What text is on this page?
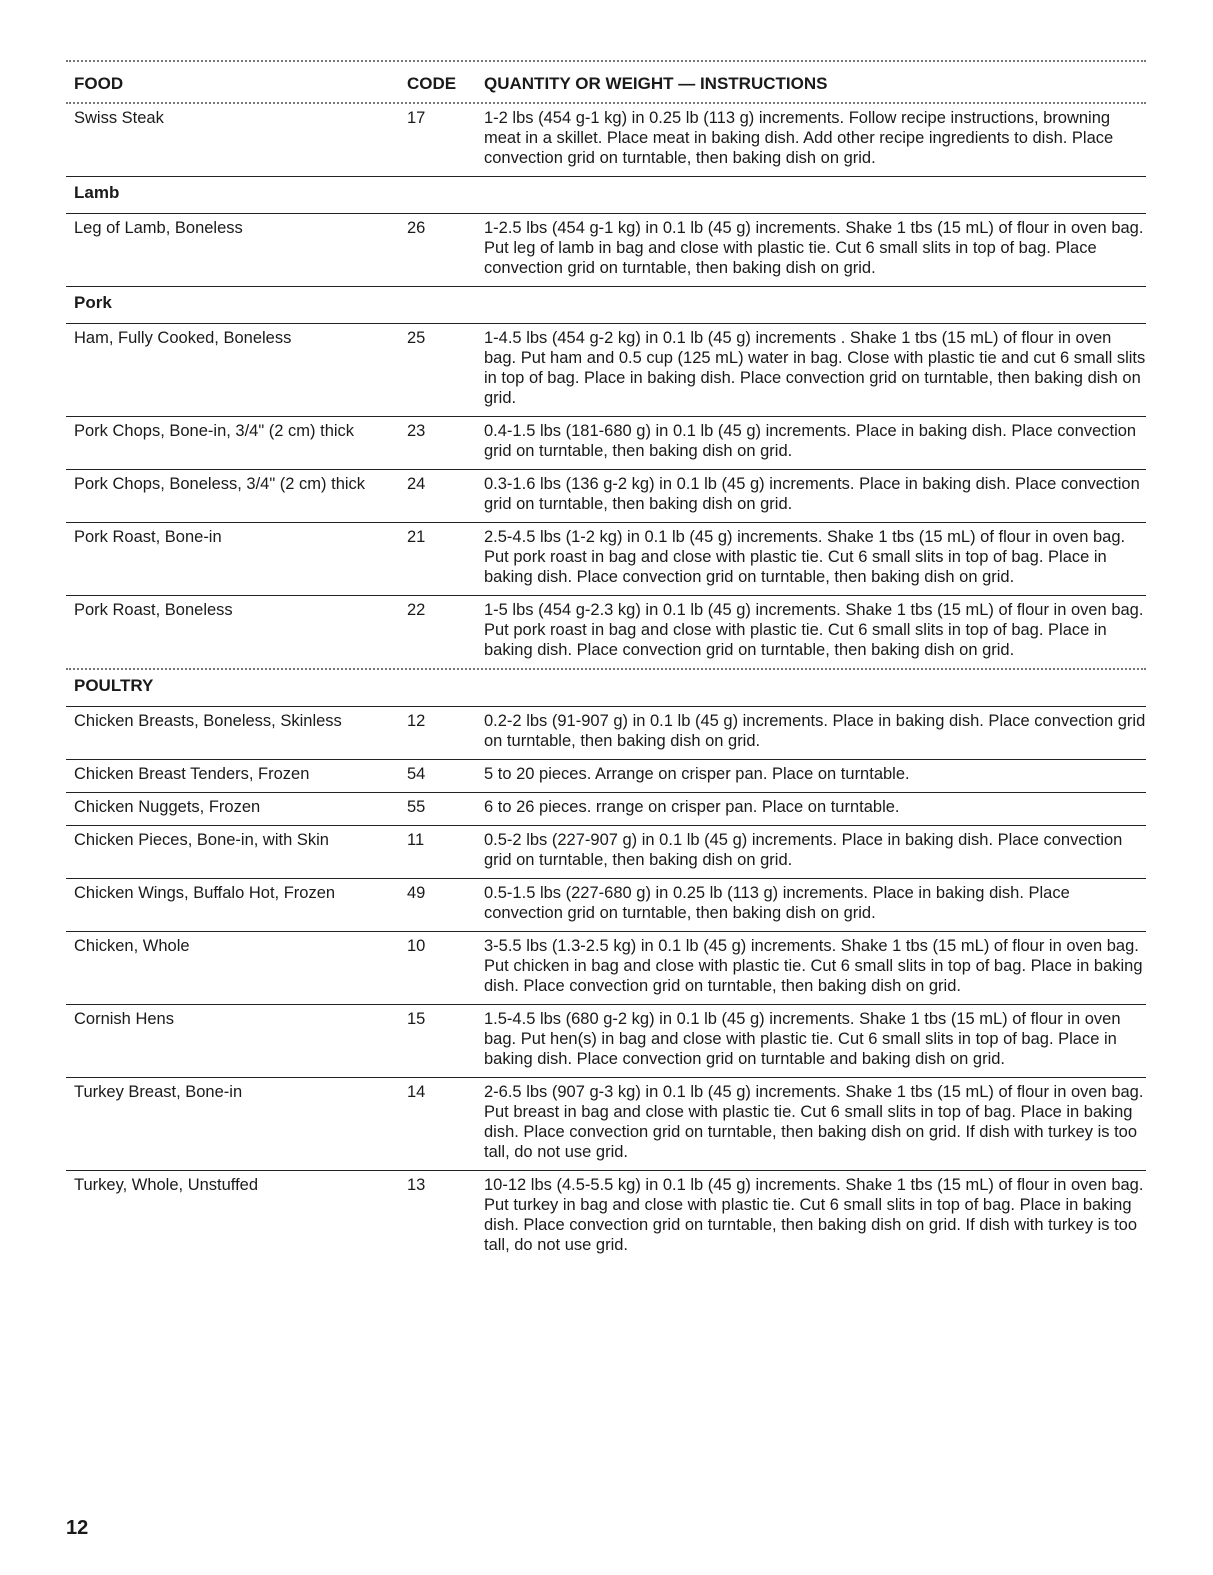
FOOD	CODE	QUANTITY OR WEIGHT — INSTRUCTIONS
Swiss Steak	17	1-2 lbs (454 g-1 kg) in 0.25 lb (113 g) increments. Follow recipe instructions, browning meat in a skillet. Place meat in baking dish. Add other recipe ingredients to dish. Place convection grid on turntable, then baking dish on grid.
Lamb
Leg of Lamb, Boneless	26	1-2.5 lbs (454 g-1 kg) in 0.1 lb (45 g) increments. Shake 1 tbs (15 mL) of flour in oven bag. Put leg of lamb in bag and close with plastic tie. Cut 6 small slits in top of bag. Place convection grid on turntable, then baking dish on grid.
Pork
Ham, Fully Cooked, Boneless	25	1-4.5 lbs (454 g-2 kg) in 0.1 lb (45 g) increments . Shake 1 tbs (15 mL) of flour in oven bag. Put ham and 0.5 cup (125 mL) water in bag. Close with plastic tie and cut 6 small slits in top of bag. Place in baking dish. Place convection grid on turntable, then baking dish on grid.
Pork Chops, Bone-in, 3/4" (2 cm) thick	23	0.4-1.5 lbs (181-680 g) in 0.1 lb (45 g) increments. Place in baking dish. Place convection grid on turntable, then baking dish on grid.
Pork Chops, Boneless, 3/4" (2 cm) thick	24	0.3-1.6 lbs (136 g-2 kg) in 0.1 lb (45 g) increments. Place in baking dish. Place convection grid on turntable, then baking dish on grid.
Pork Roast, Bone-in	21	2.5-4.5 lbs (1-2 kg) in 0.1 lb (45 g) increments. Shake 1 tbs (15 mL) of flour in oven bag. Put pork roast in bag and close with plastic tie. Cut 6 small slits in top of bag. Place in baking dish. Place convection grid on turntable, then baking dish on grid.
Pork Roast, Boneless	22	1-5 lbs (454 g-2.3 kg) in 0.1 lb (45 g) increments. Shake 1 tbs (15 mL) of flour in oven bag. Put pork roast in bag and close with plastic tie. Cut 6 small slits in top of bag. Place in baking dish. Place convection grid on turntable, then baking dish on grid.
POULTRY
Chicken Breasts, Boneless, Skinless	12	0.2-2 lbs (91-907 g) in 0.1 lb (45 g) increments. Place in baking dish. Place convection grid on turntable, then baking dish on grid.
Chicken Breast Tenders, Frozen	54	5 to 20 pieces. Arrange on crisper pan. Place on turntable.
Chicken Nuggets, Frozen	55	6 to 26 pieces. rrange on crisper pan. Place on turntable.
Chicken Pieces, Bone-in, with Skin	11	0.5-2 lbs (227-907 g) in 0.1 lb (45 g) increments. Place in baking dish. Place convection grid on turntable, then baking dish on grid.
Chicken Wings, Buffalo Hot, Frozen	49	0.5-1.5 lbs (227-680 g) in 0.25 lb (113 g) increments. Place in baking dish. Place convection grid on turntable, then baking dish on grid.
Chicken, Whole	10	3-5.5 lbs (1.3-2.5 kg) in 0.1 lb (45 g) increments. Shake 1 tbs (15 mL) of flour in oven bag. Put chicken in bag and close with plastic tie. Cut 6 small slits in top of bag. Place in baking dish. Place convection grid on turntable, then baking dish on grid.
Cornish Hens	15	1.5-4.5 lbs (680 g-2 kg) in 0.1 lb (45 g) increments. Shake 1 tbs (15 mL) of flour in oven bag. Put hen(s) in bag and close with plastic tie. Cut 6 small slits in top of bag. Place in baking dish. Place convection grid on turntable and baking dish on grid.
Turkey Breast, Bone-in	14	2-6.5 lbs (907 g-3 kg) in 0.1 lb (45 g) increments. Shake 1 tbs (15 mL) of flour in oven bag. Put breast in bag and close with plastic tie. Cut 6 small slits in top of bag. Place in baking dish. Place convection grid on turntable, then baking dish on grid. If dish with turkey is too tall, do not use grid.
Turkey, Whole, Unstuffed	13	10-12 lbs (4.5-5.5 kg) in 0.1 lb (45 g) increments. Shake 1 tbs (15 mL) of flour in oven bag. Put turkey in bag and close with plastic tie. Cut 6 small slits in top of bag. Place in baking dish. Place convection grid on turntable, then baking dish on grid. If dish with turkey is too tall, do not use grid.
12
